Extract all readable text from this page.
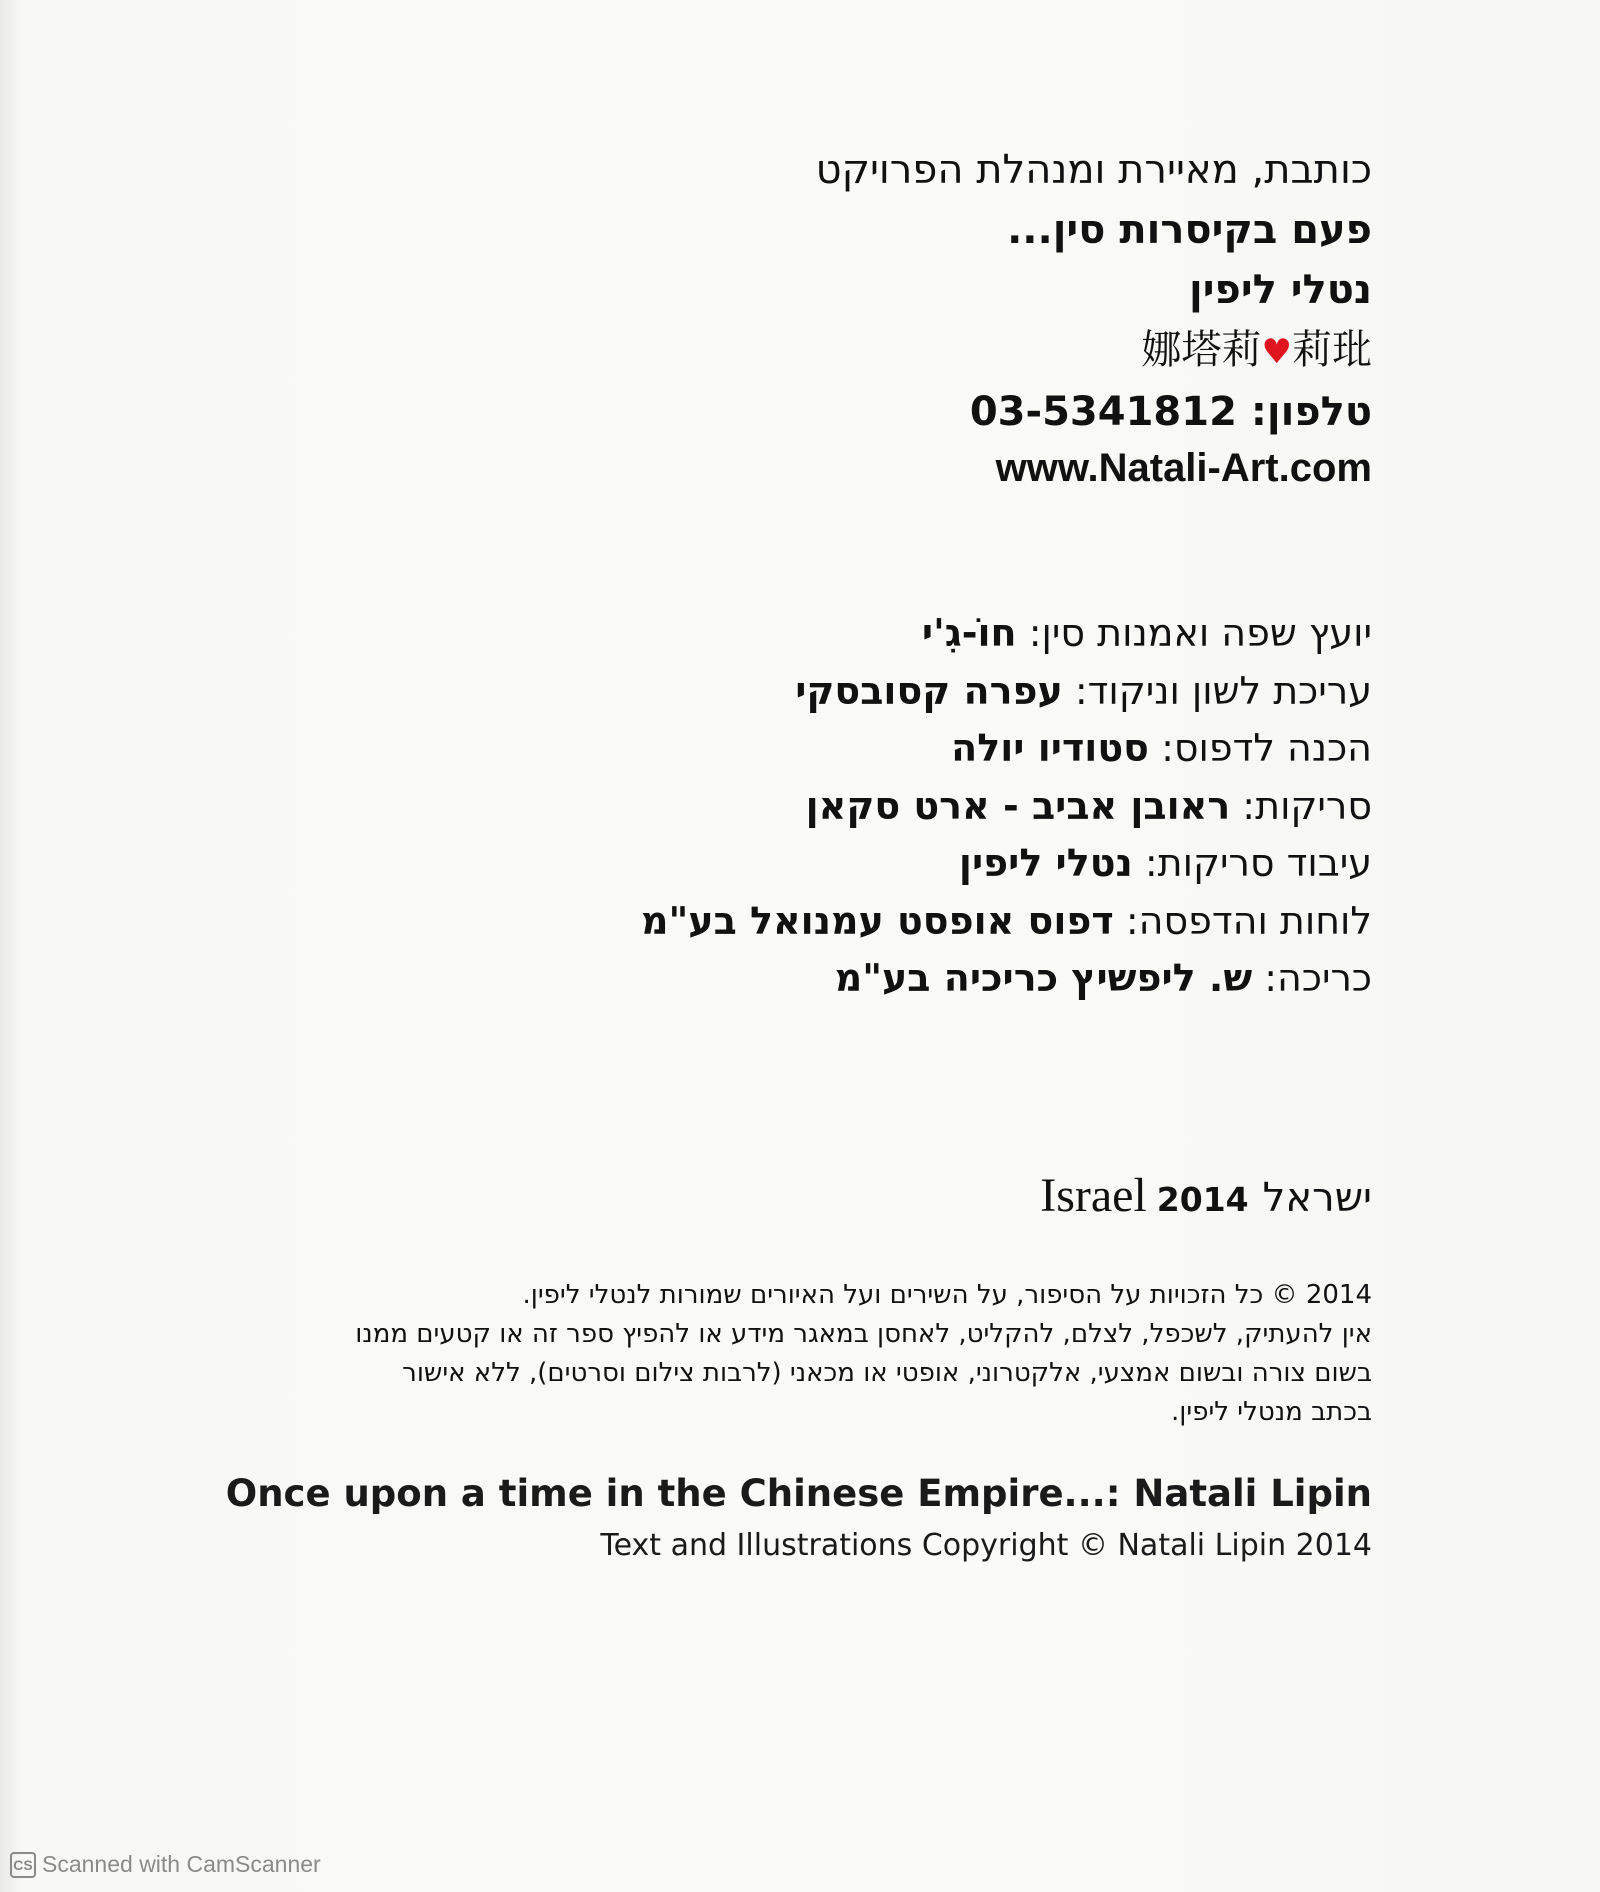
כותבת, מאיירת ומנהלת הפרויקט
פעם בקיסרות סין...
נטלי ליפין
娜塔莉♥莉玭
טלפון: 03-5341812
www.Natali-Art.com
יועץ שפה ואמנות סין: חוֹ-גִ'י
עריכת לשון וניקוד: עפרה קסובסקי
הכנה לדפוס: סטודיו יולה
סריקות: ראובן אביב - ארט סקאן
עיבוד סריקות: נטלי ליפין
לוחות והדפסה: דפוס אופסט עמנואל בע"מ
כריכה: ש. ליפשיץ כריכיה בע"מ
Israel 2014 ישראל
2014 © כל הזכויות על הסיפור, על השירים ועל האיורים שמורות לנטלי ליפין.
אין להעתיק, לשכפל, לצלם, להקליט, לאחסן במאגר מידע או להפיץ ספר זה או קטעים ממנו
בשום צורה ובשום אמצעי, אלקטרוני, אופטי או מכאני (לרבות צילום וסרטים), ללא אישור
בכתב מנטלי ליפין.
Once upon a time in the Chinese Empire...: Natali Lipin
Text and Illustrations Copyright © Natali Lipin 2014
CS Scanned with CamScanner
